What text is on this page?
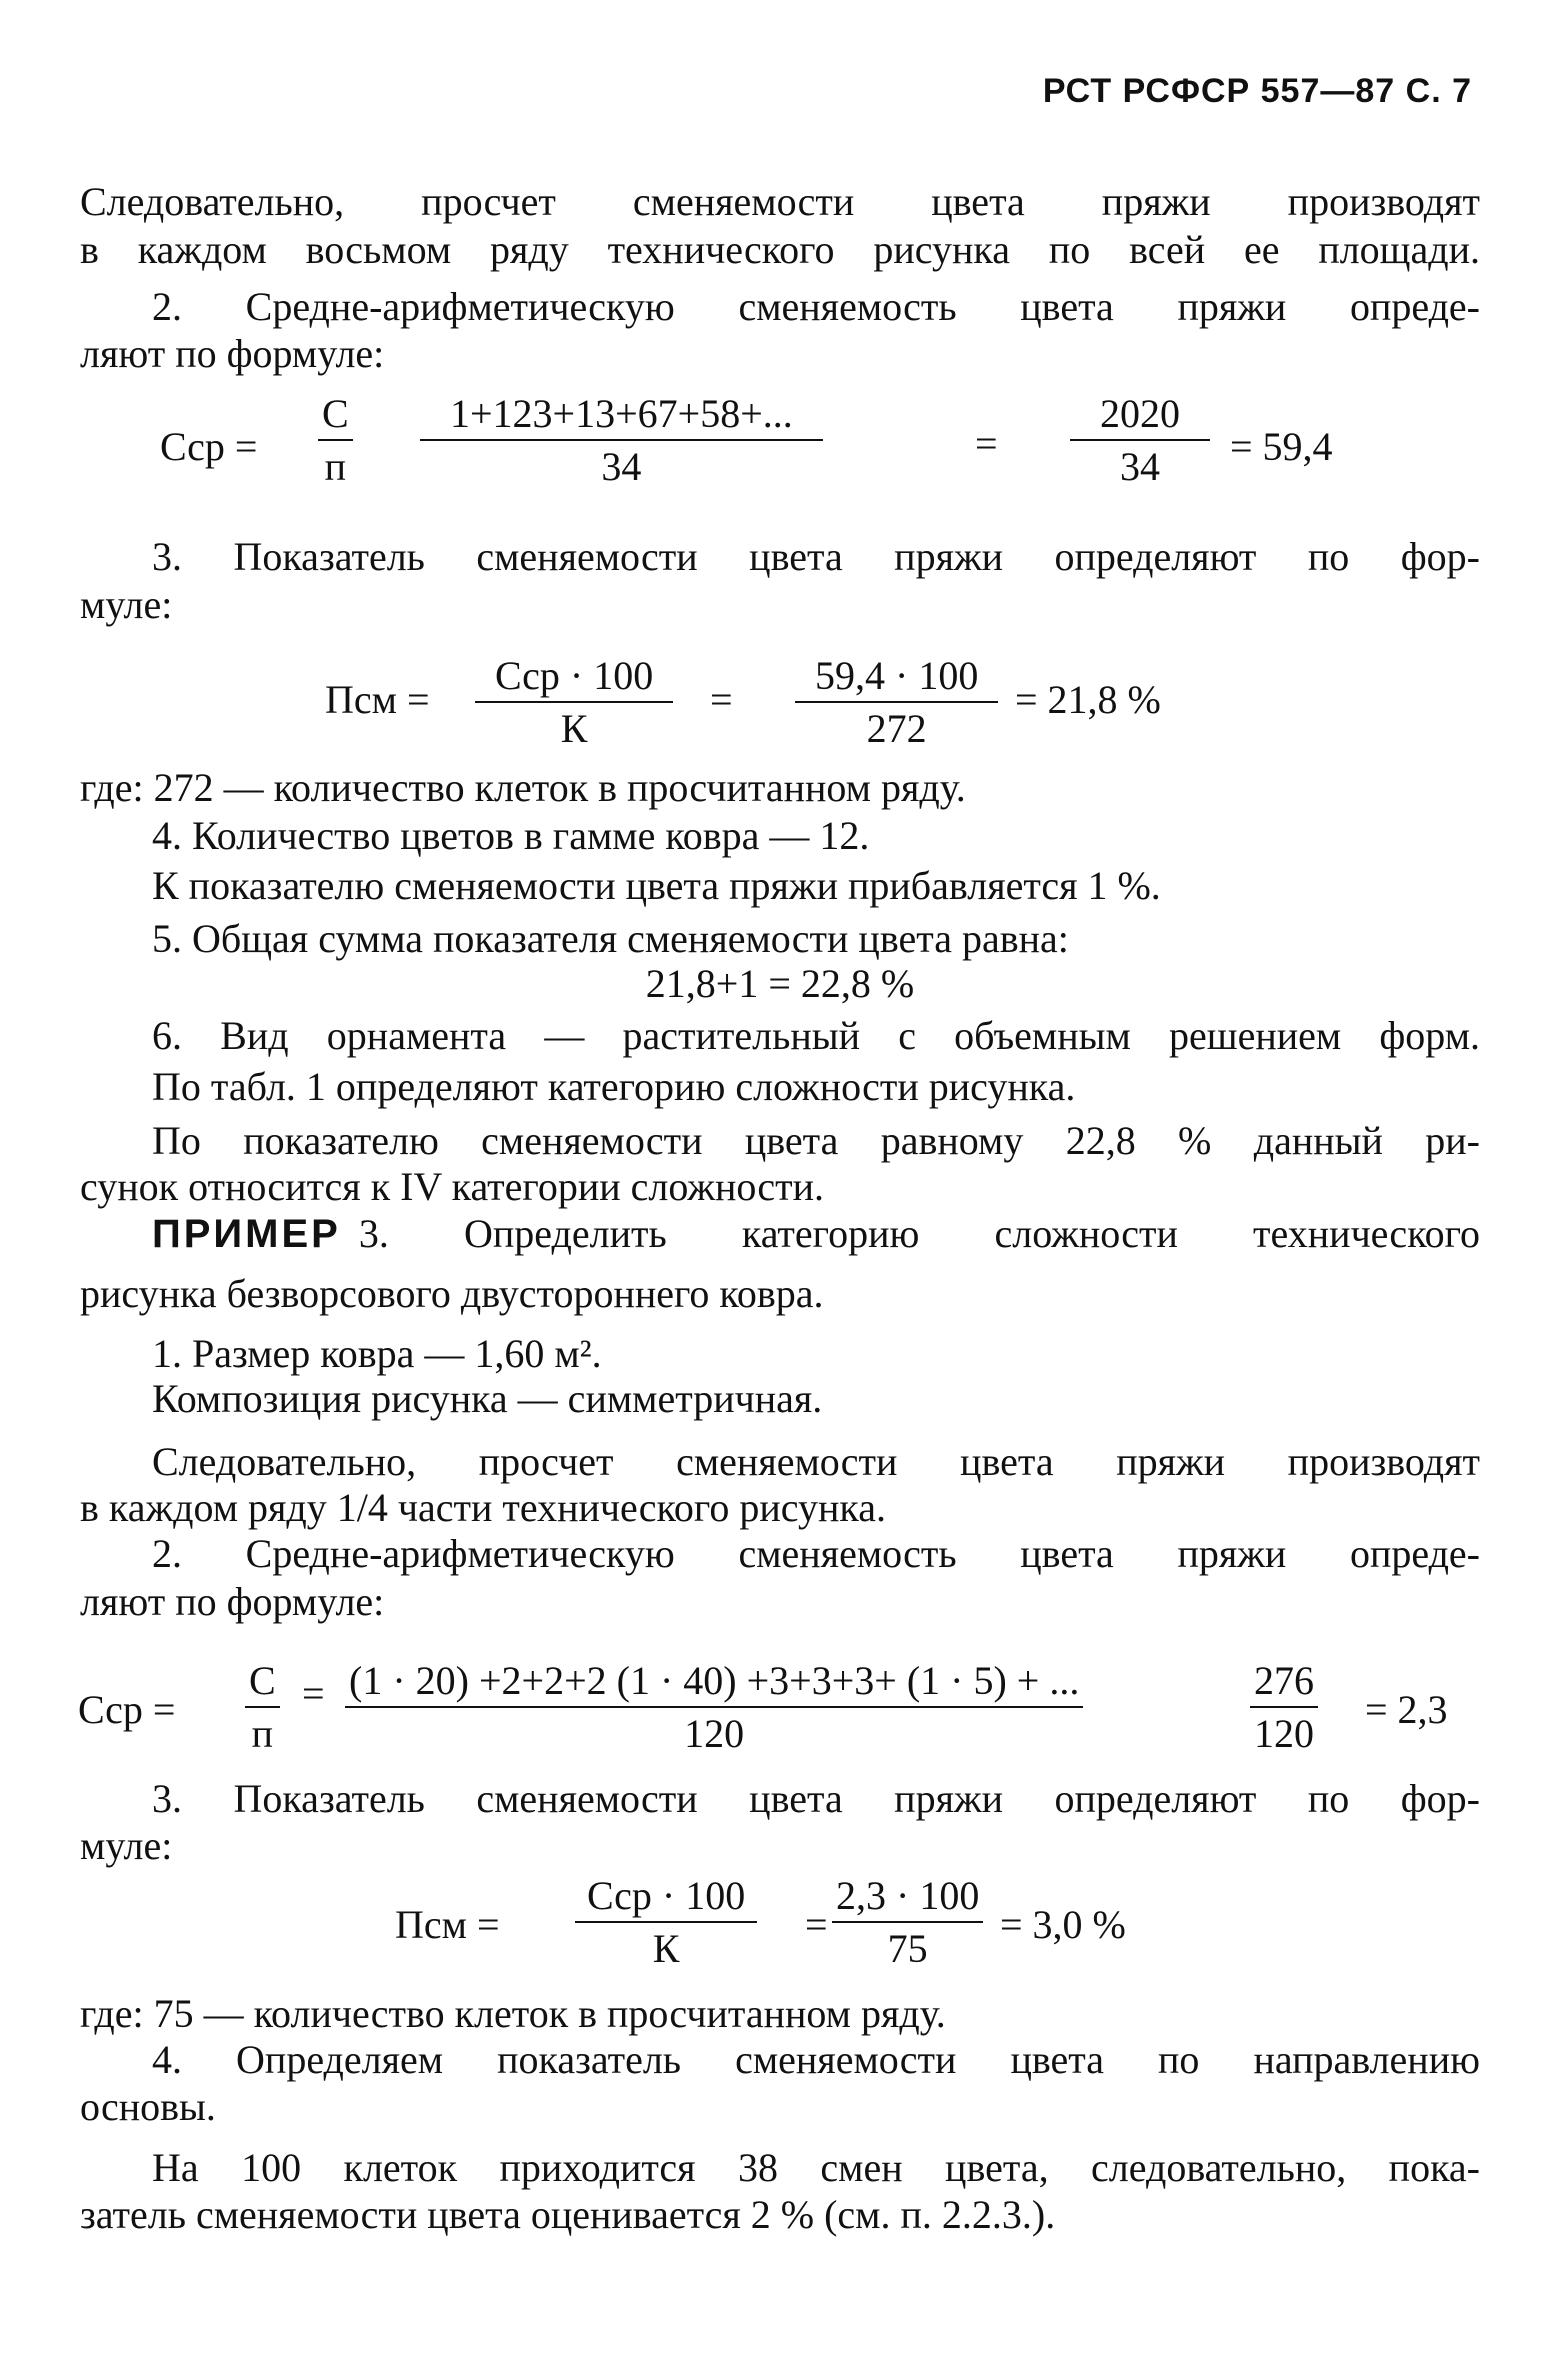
РСТ РСФСР 557—87 С. 7
Следовательно, просчет сменяемости цвета пряжи производят
в каждом восьмом ряду технического рисунка по всей ее площади.
2. Средне-арифметическую сменяемость цвета пряжи опреде-
ляют по формуле:
Сср =
С
п $\frac{1+123+13+67+58+...}{34}$	= $\frac{2020}{34} = 59,4$
3. Показатель сменяемости цвета пряжи определяют по фор-
муле:
Псм =
Сср · 100
К
= $\frac{59,4 \cdot 100}{272} = 21,8$ %
где: 272 — количество клеток в просчитанном ряду.
4. Количество цветов в гамме ковра — 12.
К показателю сменяемости цвета пряжи прибавляется 1 %.
5. Общая сумма показателя сменяемости цвета равна:
21,8+1 = 22,8 %
6. Вид орнамента — растительный с объемным решением форм.
По табл. 1 определяют категорию сложности рисунка.
По показателю сменяемости цвета равному 22,8 % данный ри-
сунок относится к IV категории сложности.
ПРИМЕР 3. Определить категорию сложности технического
рисунка безворсового двустороннего ковра.
1. Размер ковра — 1,60 м².
Композиция рисунка — симметричная.
Следовательно, просчет сменяемости цвета пряжи производят
в каждом ряду 1/4 части технического рисунка.
2. Средне-арифметическую сменяемость цвета пряжи опреде-
ляют по формуле:
Сср =
С
п
= $\frac{(1 \cdot 20) +2+2+2 (1 \cdot 40) +3+3+3+ (1 \cdot 5) + ...}{120}$	$\frac{276}{120} = 2,3$
3. Показатель сменяемости цвета пряжи определяют по фор-
муле:
Псм =
Сср · 100
К
= $\frac{2,3 \cdot 100}{75} = 3,0$ %
где: 75 — количество клеток в просчитанном ряду.
4. Определяем показатель сменяемости цвета по направлению
основы.
На 100 клеток приходится 38 смен цвета, следовательно, пока-
затель сменяемости цвета оценивается 2 % (см. п. 2.2.3.).
